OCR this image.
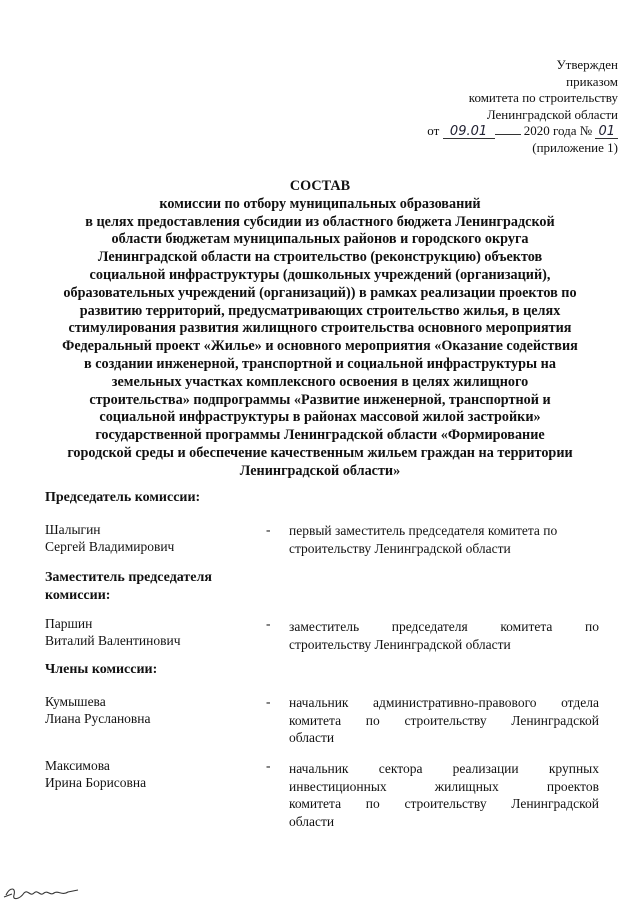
Утвержден
приказом
комитета по строительству
Ленинградской области
от 09.01	2020 года № 01
(приложение 1)
СОСТАВ
комиссии по отбору муниципальных образований
в целях предоставления субсидии из областного бюджета Ленинградской
области бюджетам муниципальных районов и городского округа
Ленинградской области на строительство (реконструкцию) объектов
социальной инфраструктуры (дошкольных учреждений (организаций),
образовательных учреждений (организаций)) в рамках реализации проектов по
развитию территорий, предусматривающих строительство жилья, в целях
стимулирования развития жилищного строительства основного мероприятия
Федеральный проект «Жилье» и основного мероприятия «Оказание содействия
в создании инженерной, транспортной и социальной инфраструктуры на
земельных участках комплексного освоения в целях жилищного
строительства» подпрограммы «Развитие инженерной, транспортной и
социальной инфраструктуры в районах массовой жилой застройки»
государственной программы Ленинградской области «Формирование
городской среды и обеспечение качественным жильем граждан на территории
Ленинградской области»
Председатель комиссии:
Шалыгин
Сергей Владимирович
- первый заместитель председателя комитета по
строительству Ленинградской области
Заместитель председателя
комиссии:
Паршин
Виталий Валентинович
- заместитель председателя комитета по
строительству Ленинградской области
Члены комиссии:
Кумышева
Лиана Руслановна
- начальник административно-правового отдела
комитета по строительству Ленинградской
области
Максимова
Ирина Борисовна
- начальник сектора реализации крупных
инвестиционных жилищных проектов
комитета по строительству Ленинградской
области
